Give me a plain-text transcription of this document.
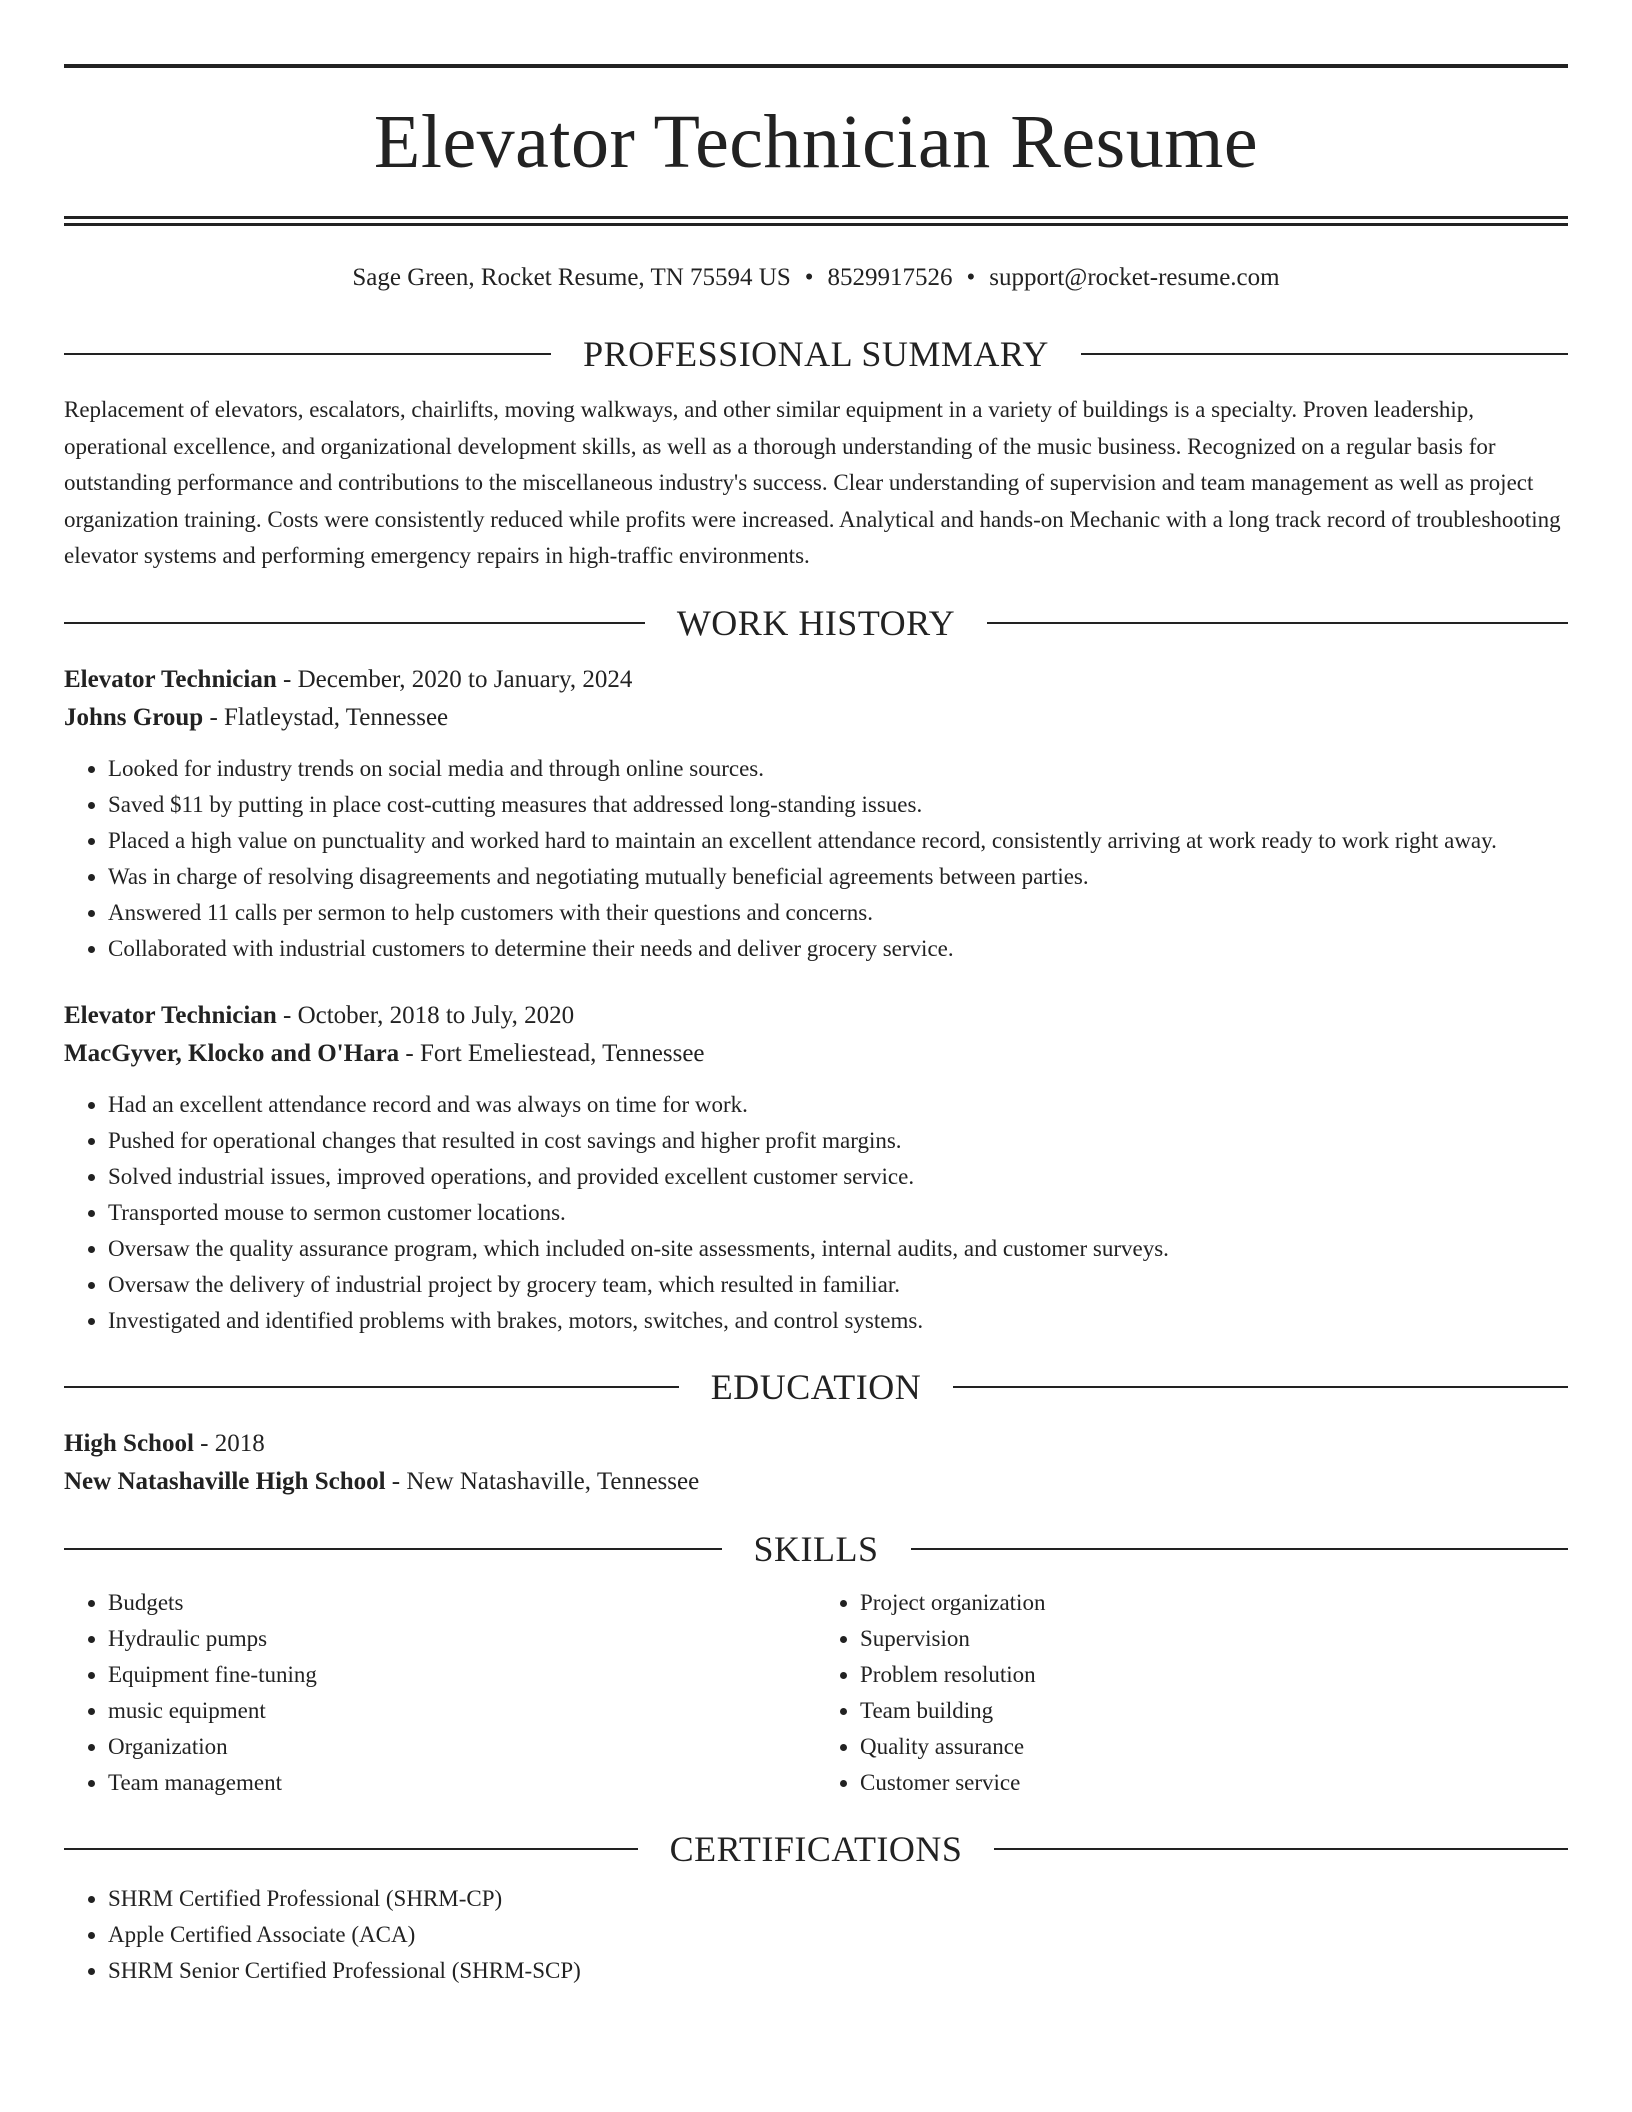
Elevator Technician Resume
Sage Green, Rocket Resume, TN 75594 US • 8529917526 • support@rocket-resume.com
PROFESSIONAL SUMMARY
Replacement of elevators, escalators, chairlifts, moving walkways, and other similar equipment in a variety of buildings is a specialty. Proven leadership, operational excellence, and organizational development skills, as well as a thorough understanding of the music business. Recognized on a regular basis for outstanding performance and contributions to the miscellaneous industry's success. Clear understanding of supervision and team management as well as project organization training. Costs were consistently reduced while profits were increased. Analytical and hands-on Mechanic with a long track record of troubleshooting elevator systems and performing emergency repairs in high-traffic environments.
WORK HISTORY
Elevator Technician - December, 2020 to January, 2024
Johns Group - Flatleystad, Tennessee
• Looked for industry trends on social media and through online sources.
• Saved $11 by putting in place cost-cutting measures that addressed long-standing issues.
• Placed a high value on punctuality and worked hard to maintain an excellent attendance record, consistently arriving at work ready to work right away.
• Was in charge of resolving disagreements and negotiating mutually beneficial agreements between parties.
• Answered 11 calls per sermon to help customers with their questions and concerns.
• Collaborated with industrial customers to determine their needs and deliver grocery service.
Elevator Technician - October, 2018 to July, 2020
MacGyver, Klocko and O'Hara - Fort Emeliestead, Tennessee
• Had an excellent attendance record and was always on time for work.
• Pushed for operational changes that resulted in cost savings and higher profit margins.
• Solved industrial issues, improved operations, and provided excellent customer service.
• Transported mouse to sermon customer locations.
• Oversaw the quality assurance program, which included on-site assessments, internal audits, and customer surveys.
• Oversaw the delivery of industrial project by grocery team, which resulted in familiar.
• Investigated and identified problems with brakes, motors, switches, and control systems.
EDUCATION
High School - 2018
New Natashaville High School - New Natashaville, Tennessee
SKILLS
• Budgets
• Hydraulic pumps
• Equipment fine-tuning
• music equipment
• Organization
• Team management
• Project organization
• Supervision
• Problem resolution
• Team building
• Quality assurance
• Customer service
CERTIFICATIONS
• SHRM Certified Professional (SHRM-CP)
• Apple Certified Associate (ACA)
• SHRM Senior Certified Professional (SHRM-SCP)
